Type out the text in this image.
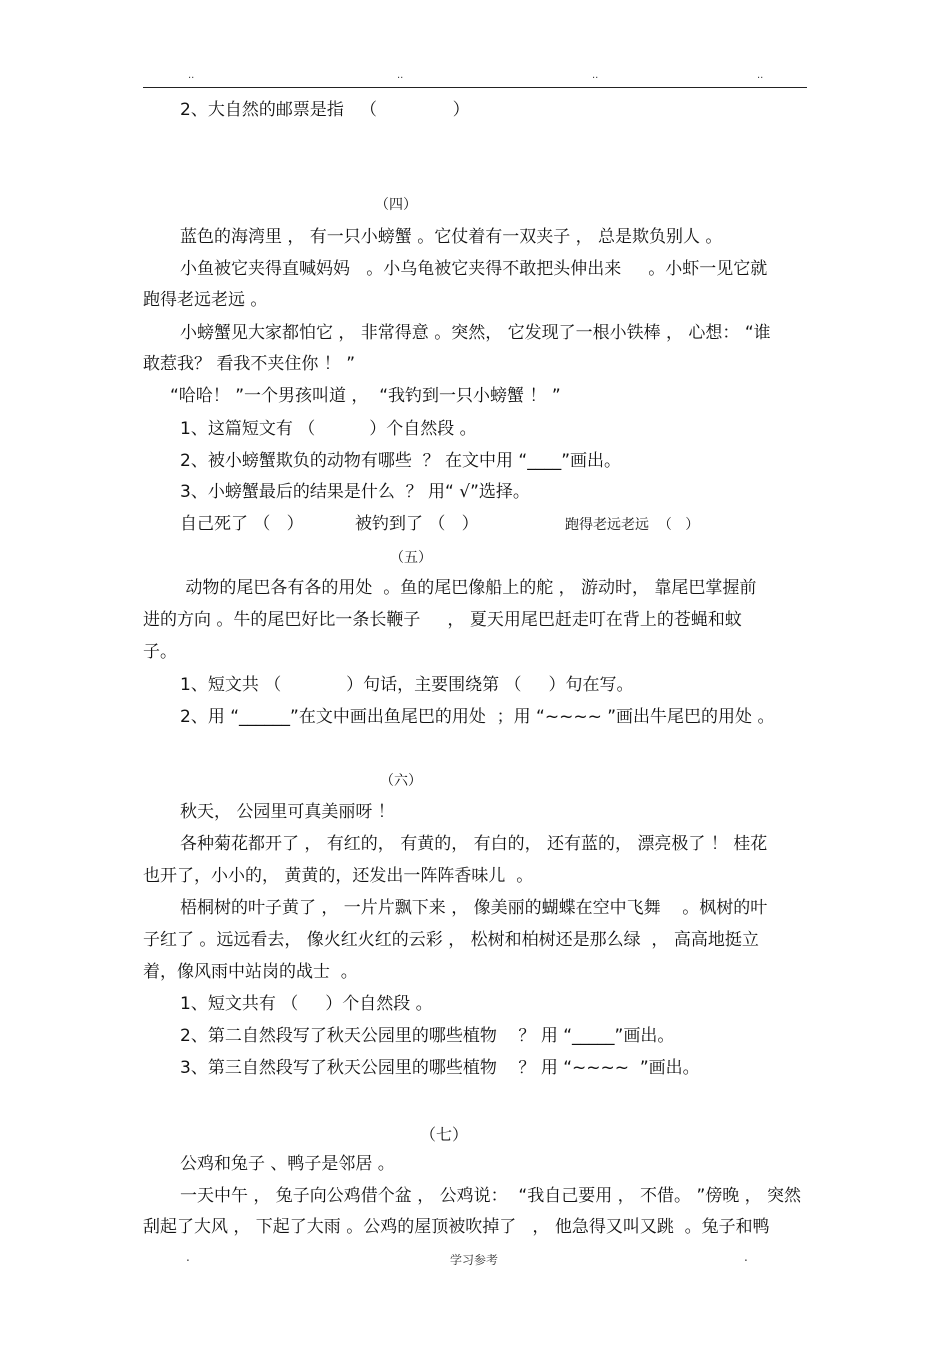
..	..	..	..
2、大自然的邮票是指   （              ）
（四）
蓝色的海湾里 ， 有一只小螃蟹 。它仗着有一双夹子 ， 总是欺负别人 。
小鱼被它夹得直喊妈妈   。小乌龟被它夹得不敢把头伸出来     。小虾一见它就
跑得老远老远 。
小螃蟹见大家都怕它 ， 非常得意 。突然， 它发现了一根小铁棒 ， 心想： “谁
敢惹我？ 看我不夹住你 ！ ”
“哈哈！ ”一个男孩叫道 ，  “我钓到一只小螃蟹 ！ ”
1、这篇短文有 （          ）个自然段 。
2、被小螃蟹欺负的动物有哪些  ？ 在文中用 “____”画出。
3、小螃蟹最后的结果是什么  ？ 用“ √”选择。
自己死了 （   ）	被钓到了 （   ）	跑得老远老远  （   ）
（五）
动物的尾巴各有各的用处  。鱼的尾巴像船上的舵 ， 游动时， 靠尾巴掌握前
进的方向 。牛的尾巴好比一条长鞭子     ， 夏天用尾巴赶走叮在背上的苍蝇和蚊
子。
1、短文共 （            ）句话，主要围绕第 （     ）句在写。
2、用 “______”在文中画出鱼尾巴的用处  ；用 “~~~~ ”画出牛尾巴的用处 。
（六）
秋天， 公园里可真美丽呀 ！
各种菊花都开了 ， 有红的， 有黄的， 有白的， 还有蓝的， 漂亮极了 ！ 桂花
也开了，小小的， 黄黄的，还发出一阵阵香味儿  。
梧桐树的叶子黄了 ， 一片片飘下来 ， 像美丽的蝴蝶在空中飞舞    。枫树的叶
子红了 。远远看去， 像火红火红的云彩 ， 松树和柏树还是那么绿  ， 高高地挺立
着，像风雨中站岗的战士  。
1、短文共有 （     ）个自然段 。
2、第二自然段写了秋天公园里的哪些植物    ？ 用 “_____”画出。
3、第三自然段写了秋天公园里的哪些植物    ？ 用 “~~~~  ”画出。
（七）
公鸡和兔子 、鸭子是邻居 。
一天中午 ， 兔子向公鸡借个盆 ， 公鸡说：  “我自己要用 ， 不借。 ”傍晚 ， 突然
刮起了大风 ， 下起了大雨 。公鸡的屋顶被吹掉了   ， 他急得又叫又跳  。兔子和鸭
.	学习参考	.
